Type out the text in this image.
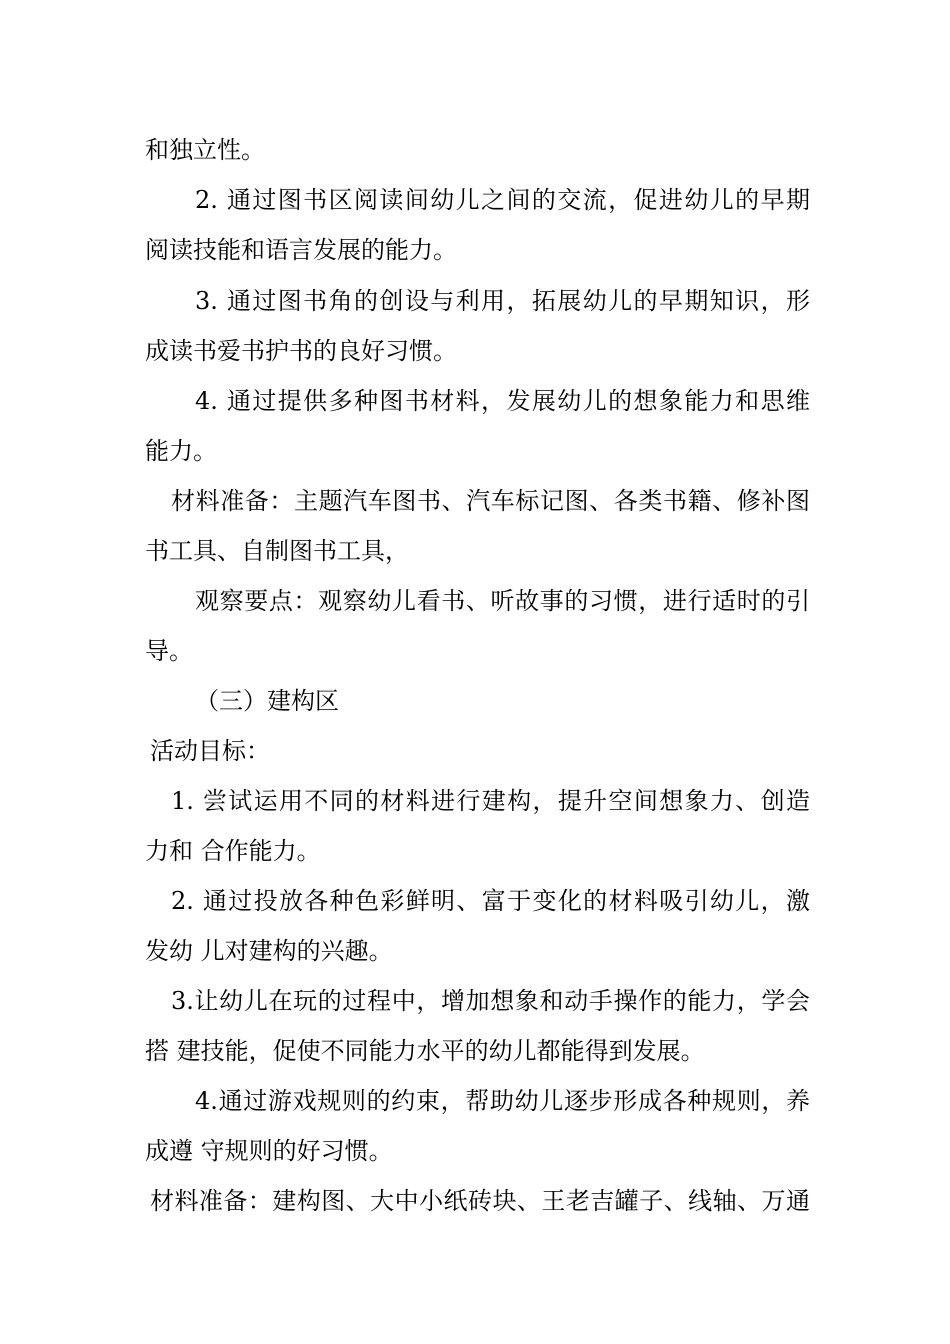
和独立性。
2. 通过图书区阅读间幼儿之间的交流，促进幼儿的早期
阅读技能和语言发展的能力。
3. 通过图书角的创设与利用，拓展幼儿的早期知识，形
成读书爱书护书的良好习惯。
4. 通过提供多种图书材料，发展幼儿的想象能力和思维
能力。
材料准备：主题汽车图书、汽车标记图、各类书籍、修补图
书工具、自制图书工具，
观察要点：观察幼儿看书、听故事的习惯，进行适时的引
导。
（三）建构区
活动目标：
1. 尝试运用不同的材料进行建构，提升空间想象力、创造
力和 合作能力。
2. 通过投放各种色彩鲜明、富于变化的材料吸引幼儿，激
发幼 儿对建构的兴趣。
3.让幼儿在玩的过程中，增加想象和动手操作的能力，学会
搭 建技能，促使不同能力水平的幼儿都能得到发展。
4.通过游戏规则的约束，帮助幼儿逐步形成各种规则，养
成遵 守规则的好习惯。
材料准备：建构图、大中小纸砖块、王老吉罐子、线轴、万通
